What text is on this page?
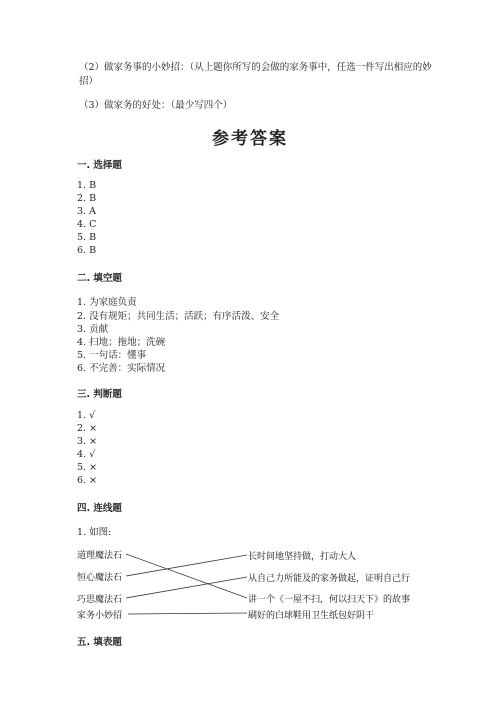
（2）做家务事的小妙招：（从上题你所写的会做的家务事中，任选一件写出相应的妙招）
（3）做家务的好处：（最少写四个）
参考答案
一. 选择题
1. B
2. B
3. A
4. C
5. B
6. B
二. 填空题
1. 为家庭负责
2. 没有规矩；共同生活；活跃；有序活泼、安全
3. 贡献
4. 扫地；拖地；洗碗
5. 一句话：懂事
6. 不完善：实际情况
三. 判断题
1. √
2. ×
3. ×
4. √
5. ×
6. ×
四. 连线题
1. 如图:
道理魔法石
恒心魔法石
巧思魔法石
家务小妙招
长时间地坚持做，打动大人
从自己力所能及的家务做起，证明自己行
讲一个《一屋不扫，何以扫天下》的故事
刷好的白球鞋用卫生纸包好阴干
五. 填表题
